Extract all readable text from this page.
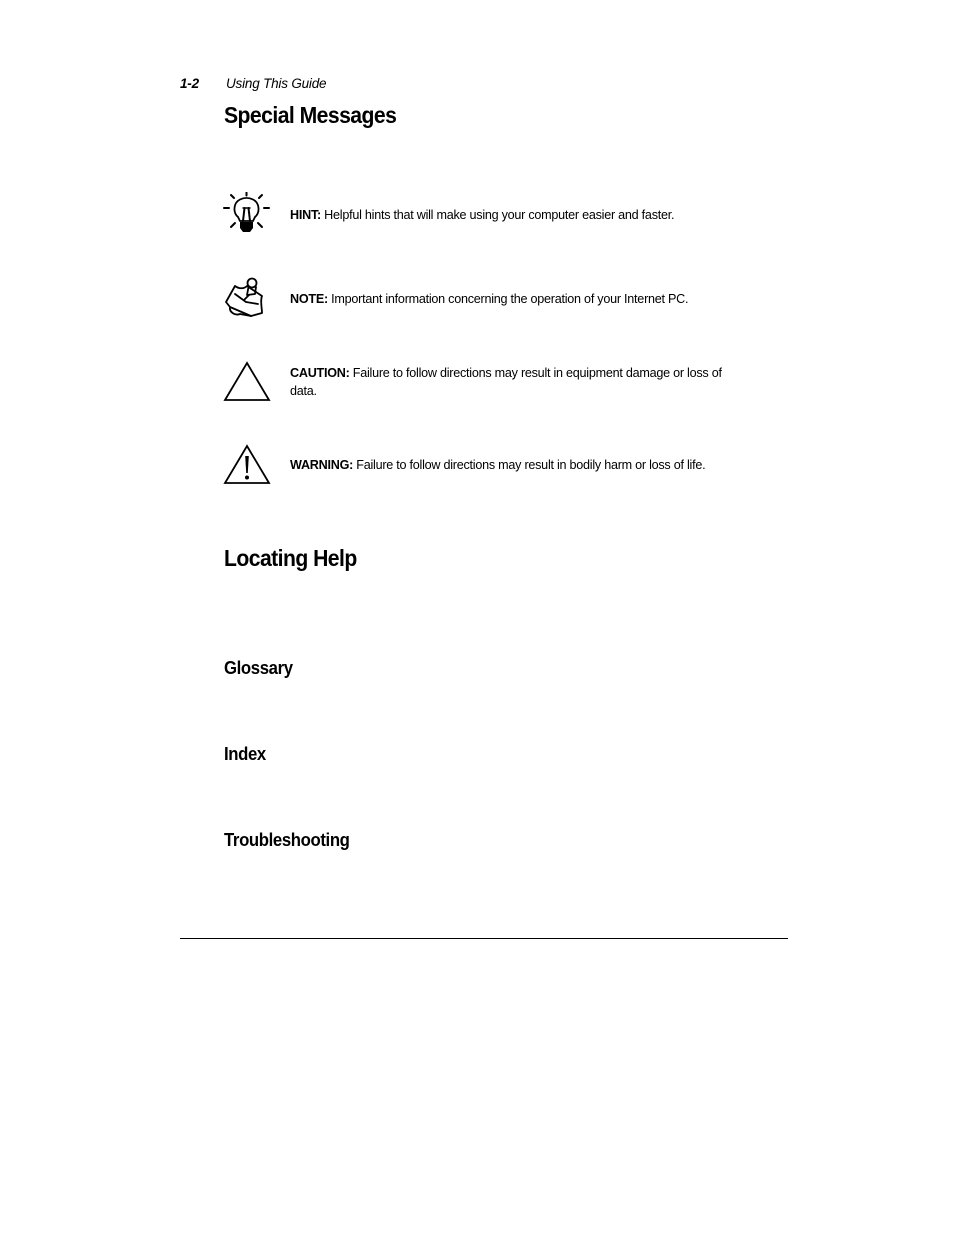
1-2 Using This Guide
Special Messages
HINT: Helpful hints that will make using your computer easier and faster.
NOTE: Important information concerning the operation of your Internet PC.
CAUTION: Failure to follow directions may result in equipment damage or loss of data.
WARNING: Failure to follow directions may result in bodily harm or loss of life.
Locating Help
Glossary
Index
Troubleshooting
